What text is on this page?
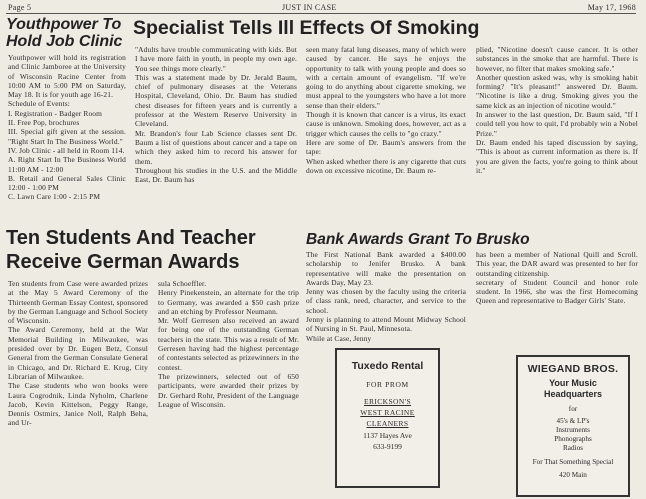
Page 5	JUST IN CASE	May 17, 1968
Youthpower To
Hold Job Clinic
Youthpower will hold its registration and Clinic Jamboree at the University of Wisconsin Racine Center from 10:00 AM to 5:00 PM on Saturday, May 18. It is for youth age 16-21.
Schedule of Events:
I. Registration - Badger Room
II. Free Pop, brochures
III. Special gift given at the session. "Right Start In The Business World."
IV. Job Clinic - all held in Room 114.
A. Right Start In The Business World 11:00 AM - 12:00
B. Retail and General Sales Clinic 12:00 - 1:00 PM
C. Lawn Care 1:00 - 2:15 PM
Specialist Tells Ill Effects Of Smoking
"Adults have trouble communicating with kids. But I have more faith in youth, in people my own age. You see things more clearly."
This was a statement made by Dr. Jerald Baum, chief of pulmonary diseases at the Veterans Hospital, Cleveland, Ohio. Dr. Baum has studied chest diseases for fifteen years and is currently a professor at the Western Reserve University in Cleveland.
Mr. Brandon's four Lab Science classes sent Dr. Baum a list of questions about cancer and a tape on which they asked him to record his answer for them.
Throughout his studies in the U.S. and the Middle East, Dr. Baum has
seen many fatal lung diseases, many of which were caused by cancer. He says he enjoys the opportunity to talk with young people and does so with a certain amount of evangelism. "If we're going to do anything about cigarette smoking, we must appeal to the youngsters who have a lot more sense than their elders."
Though it is known that cancer is a virus, its exact cause is unknown. Smoking does, however, act as a trigger which causes the cells to "go crazy."
Here are some of Dr. Baum's answers from the tape:
When asked whether there is any cigarette that cuts down on excessive nicotine, Dr. Baum re-
plied, "Nicotine doesn't cause cancer. It is other substances in the smoke that are harmful. There is however, no filter that makes smoking safe."
Another question asked was, why is smoking habit forming? "It's pleasant!" answered Dr. Baum. "Nicotine is like a drug. Smoking gives you the same kick as an injection of nicotine would."
In answer to the last question, Dr. Baum said, "If I could tell you how to quit, I'd probably win a Nobel Prize."
Dr. Baum ended his taped discussion by saying, "This is about as current information as there is. If you are given the facts, you're going to think about it."
Ten Students And Teacher
Receive German Awards
Ten students from Case were awarded prizes at the May 5 Award Ceremony of the Thirteenth German Essay Contest, sponsored by the German Language and School Society of Wisconsin.
The Award Ceremony, held at the War Memorial Building in Milwaukee, was presided over by Dr. Eugen Betz, Consul General from the German Consulate General in Chicago, and Dr. Richard E. Krug, City Librarian of Milwaukee.
The Case students who won books were Laura Cogrodnik, Linda Nyholm, Charlene Jacob, Kevin Kittelson, Peggy Range, Dennis Ostmirs, Janice Noll, Ralph Beha, and Ur-
sula Schoeffler.
Henry Pinekenstein, an alternate for the trip to Germany, was awarded a $50 cash prize and an etching by Professor Neumann.
Mr. Wolf Gerresen also received an award for being one of the outstanding German teachers in the state. This was a result of Mr. Gerresen having had the highest percentage of contestants selected as prizewinners in the contest.
The prizewinners, selected out of 650 participants, were awarded their prizes by Dr. Gerhard Rohr, President of the Language League of Wisconsin.
Bank Awards Grant To Brusko
The First National Bank awarded a $400.00 scholarship to Jenifer Brusko. A bank representative will make the presentation on Awards Day, May 23.
Jenny was chosen by the faculty using the criteria of class rank, need, character, and service to the school.
Jenny is planning to attend Mount Midway School of Nursing in St. Paul, Minnesota.
While at Case, Jenny
has been a member of National Quill and Scroll. This year, the DAR award was presented to her for outstanding citizenship.
secretary of Student Council and honor role student. In 1966, she was the first Homecoming Queen and representative to Badger Girls' State.
Tuxedo Rental
FOR PROM
ERICKSON'S
WEST RACINE
CLEANERS
1137 Hayes Ave
633-9199
WIEGAND BROS.
Your Music
Headquarters
for
45's & LP's
Instruments
Phonographs
Radios
For That Something Special
420 Main
